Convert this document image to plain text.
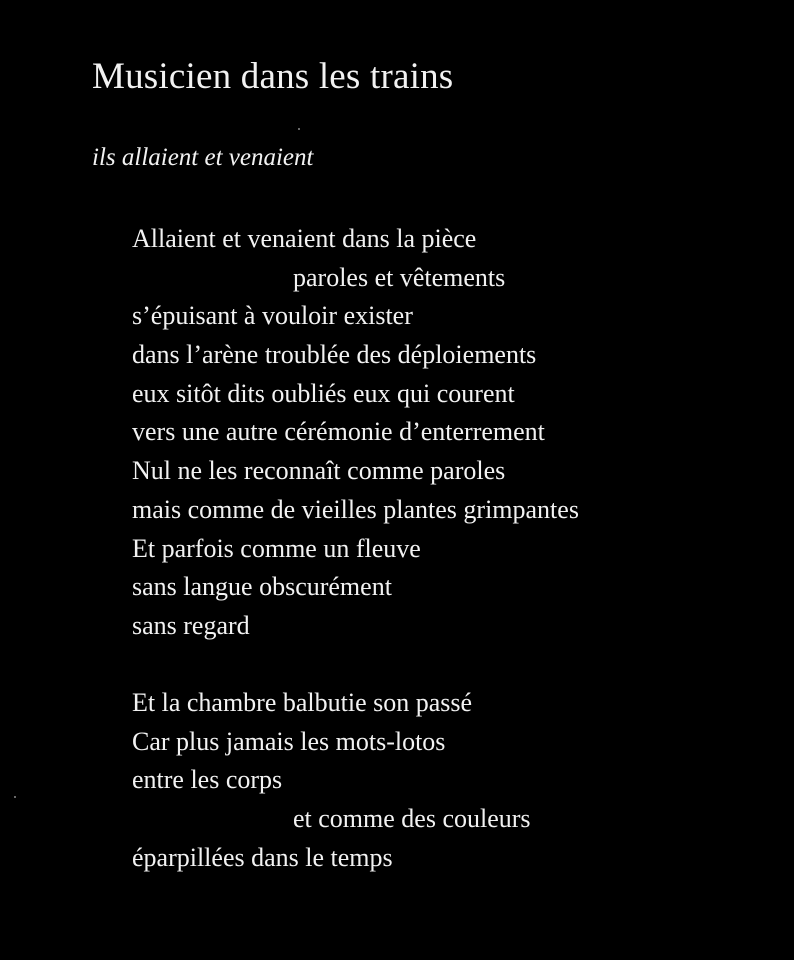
Musicien dans les trains
ils allaient et venaient
Allaient et venaient dans la pièce
paroles et vêtements
s’épuisant à vouloir exister
dans l’arène troublée des déploiements
eux sitôt dits oubliés eux qui courent
vers une autre cérémonie d’enterrement
Nul ne les reconnaît comme paroles
mais comme de vieilles plantes grimpantes
Et parfois comme un fleuve
sans langue obscurément
sans regard
Et la chambre balbutie son passé
Car plus jamais les mots-lotos
entre les corps
et comme des couleurs
éparpillées dans le temps
